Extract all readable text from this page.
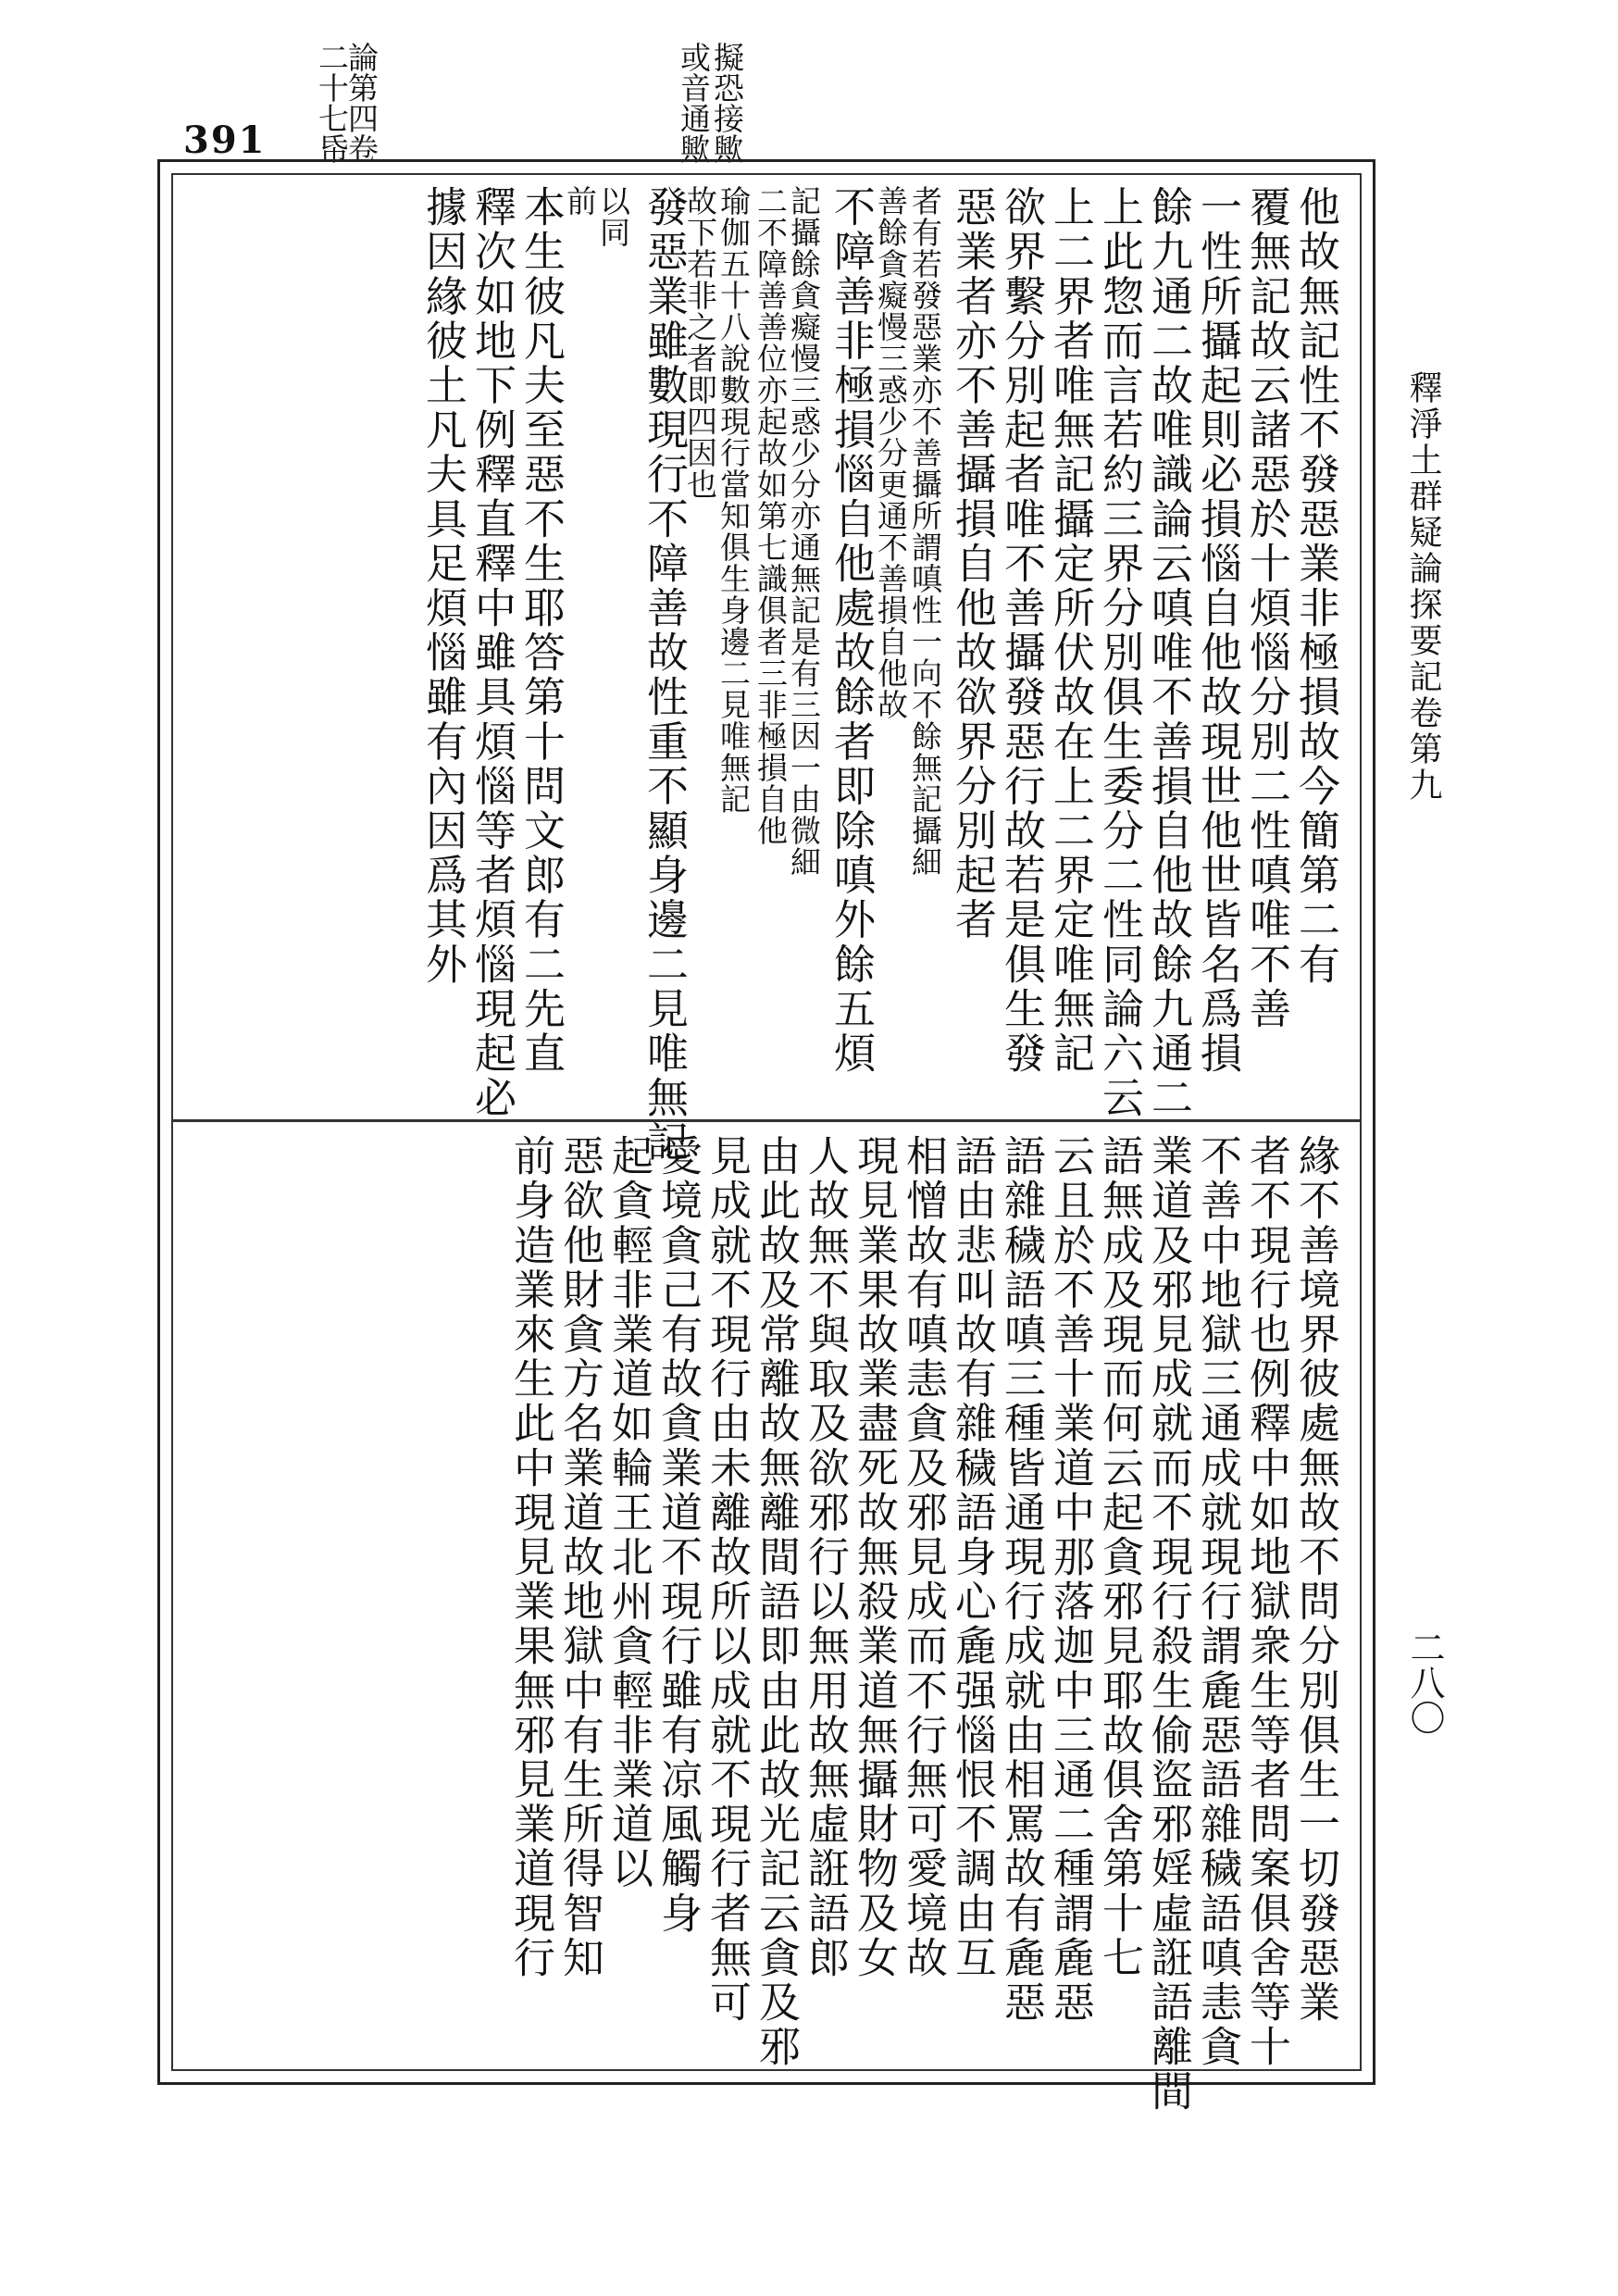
391	論第四卷
二十七帋	擬恐接歟
或音通歟
釋淨土群疑論探要記卷第九
二八〇
他故無記性不發惡業非極損故今簡第二有
覆無記故云諸惡於十煩惱分別二性嗔唯不善
一性所攝起則必損惱自他故現世他世皆名爲損
餘九通二故唯識論云嗔唯不善損自他故餘九通二
上此惣而言若約三界分別俱生委分二性同論六云
上二界者唯無記攝定所伏故在上二界定唯無記
欲界繫分別起者唯不善攝發惡行故若是俱生發
惡業者亦不善攝損自他故欲界分別起者
者有若發惡業亦不善攝所謂嗔性一向不餘無記攝細
善餘貪癡慢三惑少分更通不善損自他故
不障善非極損惱自他處故餘者即除嗔外餘五煩
記攝餘貪癡慢三惑少分亦通無記是有三因一由微細
二不障善善位亦起故如第七識俱者三非極損自他
瑜伽五十八說數現行當知俱生身邊二見唯無記
故下若非之者即四因也
發惡業雖數現行不障善故性重不顯身邊二見唯無記
以同
前
本生彼凡夫至惡不生耶答第十問文郎有二先直
釋次如地下例釋直釋中雖具煩惱等者煩惱現起必
據因緣彼土凡夫具足煩惱雖有內因爲其外
緣不善境界彼處無故不問分別俱生一切發惡業
者不現行也例釋中如地獄衆生等者問案俱舍等十
不善中地獄三通成就現行謂麁惡語雜穢語嗔恚貪
業道及邪見成就而不現行殺生偷盜邪婬虛誑語離間
語無成及現而何云起貪邪見耶故俱舍第十七
云且於不善十業道中那落迦中三通二種謂麁惡
語雜穢語嗔三種皆通現行成就由相罵故有麁惡
語由悲叫故有雜穢語身心麁强惱恨不調由互
相憎故有嗔恚貪及邪見成而不行無可愛境故
現見業果故業盡死故無殺業道無攝財物及女
人故無不與取及欲邪行以無用故無虛誑語郎
由此故及常離故無離間語即由此故光記云貪及邪
見成就不現行由未離故所以成就不現行者無可
愛境貪己有故貪業道不現行雖有凉風觸身
起貪輕非業道如輪王北州貪輕非業道以
惡欲他財貪方名業道故地獄中有生所得智知
前身造業來生此中現見業果無邪見業道現行
